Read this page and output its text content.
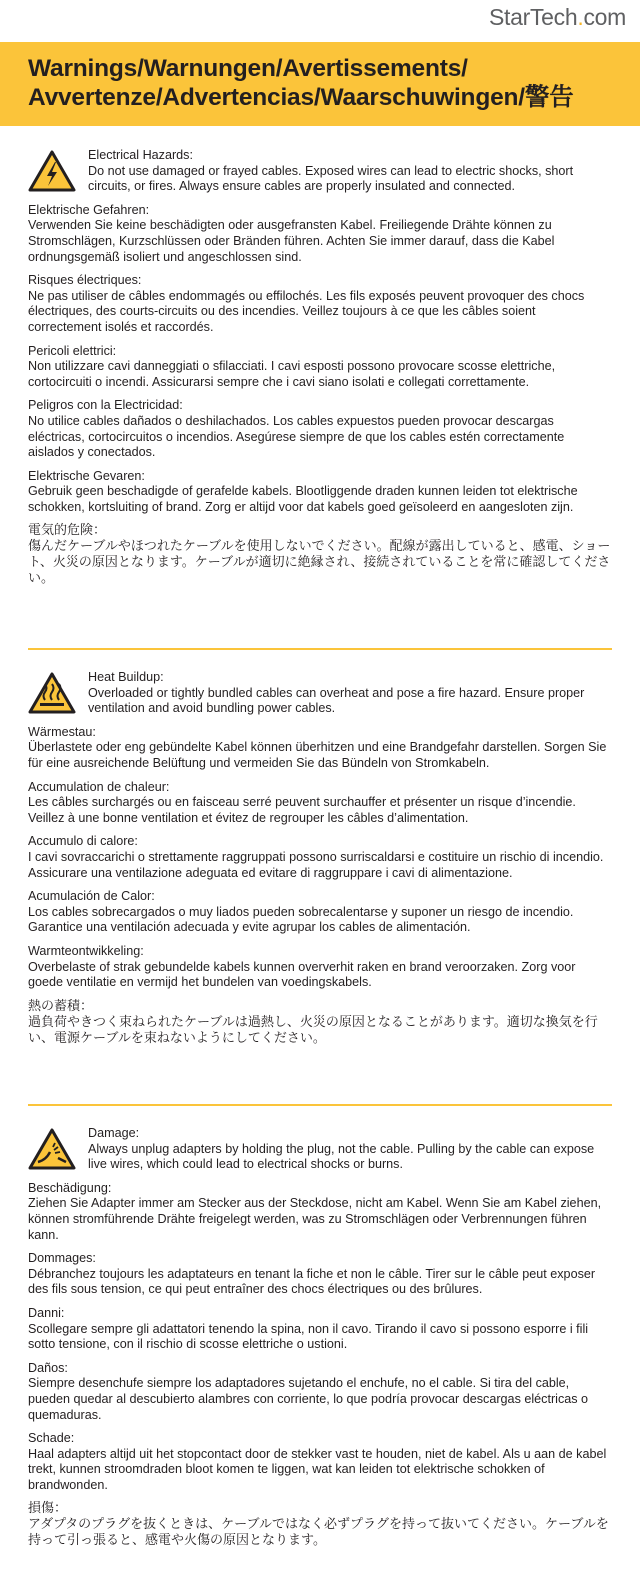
StarTech.com
Warnings/Warnungen/Avertissements/
Avvertenze/Advertencias/Waarschuwingen/警告
Electrical Hazards:
Do not use damaged or frayed cables. Exposed wires can lead to electric shocks, short circuits, or fires. Always ensure cables are properly insulated and connected.
Elektrische Gefahren:
Verwenden Sie keine beschädigten oder ausgefransten Kabel. Freiliegende Drähte können zu Stromschlägen, Kurzschlüssen oder Bränden führen. Achten Sie immer darauf, dass die Kabel ordnungsgemäß isoliert und angeschlossen sind.
Risques électriques:
Ne pas utiliser de câbles endommagés ou effilochés. Les fils exposés peuvent provoquer des chocs électriques, des courts-circuits ou des incendies. Veillez toujours à ce que les câbles soient correctement isolés et raccordés.
Pericoli elettrici:
Non utilizzare cavi danneggiati o sfilacciati. I cavi esposti possono provocare scosse elettriche, cortocircuiti o incendi. Assicurarsi sempre che i cavi siano isolati e collegati correttamente.
Peligros con la Electricidad:
No utilice cables dañados o deshilachados. Los cables expuestos pueden provocar descargas eléctricas, cortocircuitos o incendios. Asegúrese siempre de que los cables estén correctamente aislados y conectados.
Elektrische Gevaren:
Gebruik geen beschadigde of gerafelde kabels. Blootliggende draden kunnen leiden tot elektrische schokken, kortsluiting of brand. Zorg er altijd voor dat kabels goed geïsoleerd en aangesloten zijn.
電気的危険：
傷んだケーブルやほつれたケーブルを使用しないでください。配線が露出していると、感電、ショート、火災の原因となります。ケーブルが適切に絶縁され、接続されていることを常に確認してください。
Heat Buildup:
Overloaded or tightly bundled cables can overheat and pose a fire hazard. Ensure proper ventilation and avoid bundling power cables.
Wärmestau:
Überlastete oder eng gebündelte Kabel können überhitzen und eine Brandgefahr darstellen. Sorgen Sie für eine ausreichende Belüftung und vermeiden Sie das Bündeln von Stromkabeln.
Accumulation de chaleur:
Les câbles surchargés ou en faisceau serré peuvent surchauffer et présenter un risque d’incendie. Veillez à une bonne ventilation et évitez de regrouper les câbles d’alimentation.
Accumulo di calore:
I cavi sovraccarichi o strettamente raggruppati possono surriscaldarsi e costituire un rischio di incendio. Assicurare una ventilazione adeguata ed evitare di raggruppare i cavi di alimentazione.
Acumulación de Calor:
Los cables sobrecargados o muy liados pueden sobrecalentarse y suponer un riesgo de incendio. Garantice una ventilación adecuada y evite agrupar los cables de alimentación.
Warmteontwikkeling:
Overbelaste of strak gebundelde kabels kunnen oververhit raken en brand veroorzaken. Zorg voor goede ventilatie en vermijd het bundelen van voedingskabels.
熱の蓄積：
過負荷やきつく束ねられたケーブルは過熱し、火災の原因となることがあります。適切な換気を行い、電源ケーブルを束ねないようにしてください。
Damage:
Always unplug adapters by holding the plug, not the cable. Pulling by the cable can expose live wires, which could lead to electrical shocks or burns.
Beschädigung:
Ziehen Sie Adapter immer am Stecker aus der Steckdose, nicht am Kabel. Wenn Sie am Kabel ziehen, können stromführende Drähte freigelegt werden, was zu Stromschlägen oder Verbrennungen führen kann.
Dommages:
Débranchez toujours les adaptateurs en tenant la fiche et non le câble. Tirer sur le câble peut exposer des fils sous tension, ce qui peut entraîner des chocs électriques ou des brûlures.
Danni:
Scollegare sempre gli adattatori tenendo la spina, non il cavo. Tirando il cavo si possono esporre i fili sotto tensione, con il rischio di scosse elettriche o ustioni.
Daños:
Siempre desenchufe siempre los adaptadores sujetando el enchufe, no el cable. Si tira del cable, pueden quedar al descubierto alambres con corriente, lo que podría provocar descargas eléctricas o quemaduras.
Schade:
Haal adapters altijd uit het stopcontact door de stekker vast te houden, niet de kabel. Als u aan de kabel trekt, kunnen stroomdraden bloot komen te liggen, wat kan leiden tot elektrische schokken of brandwonden.
損傷：
アダプタのプラグを抜くときは、ケーブルではなく必ずプラグを持って抜いてください。ケーブルを持って引っ張ると、感電や火傷の原因となります。
